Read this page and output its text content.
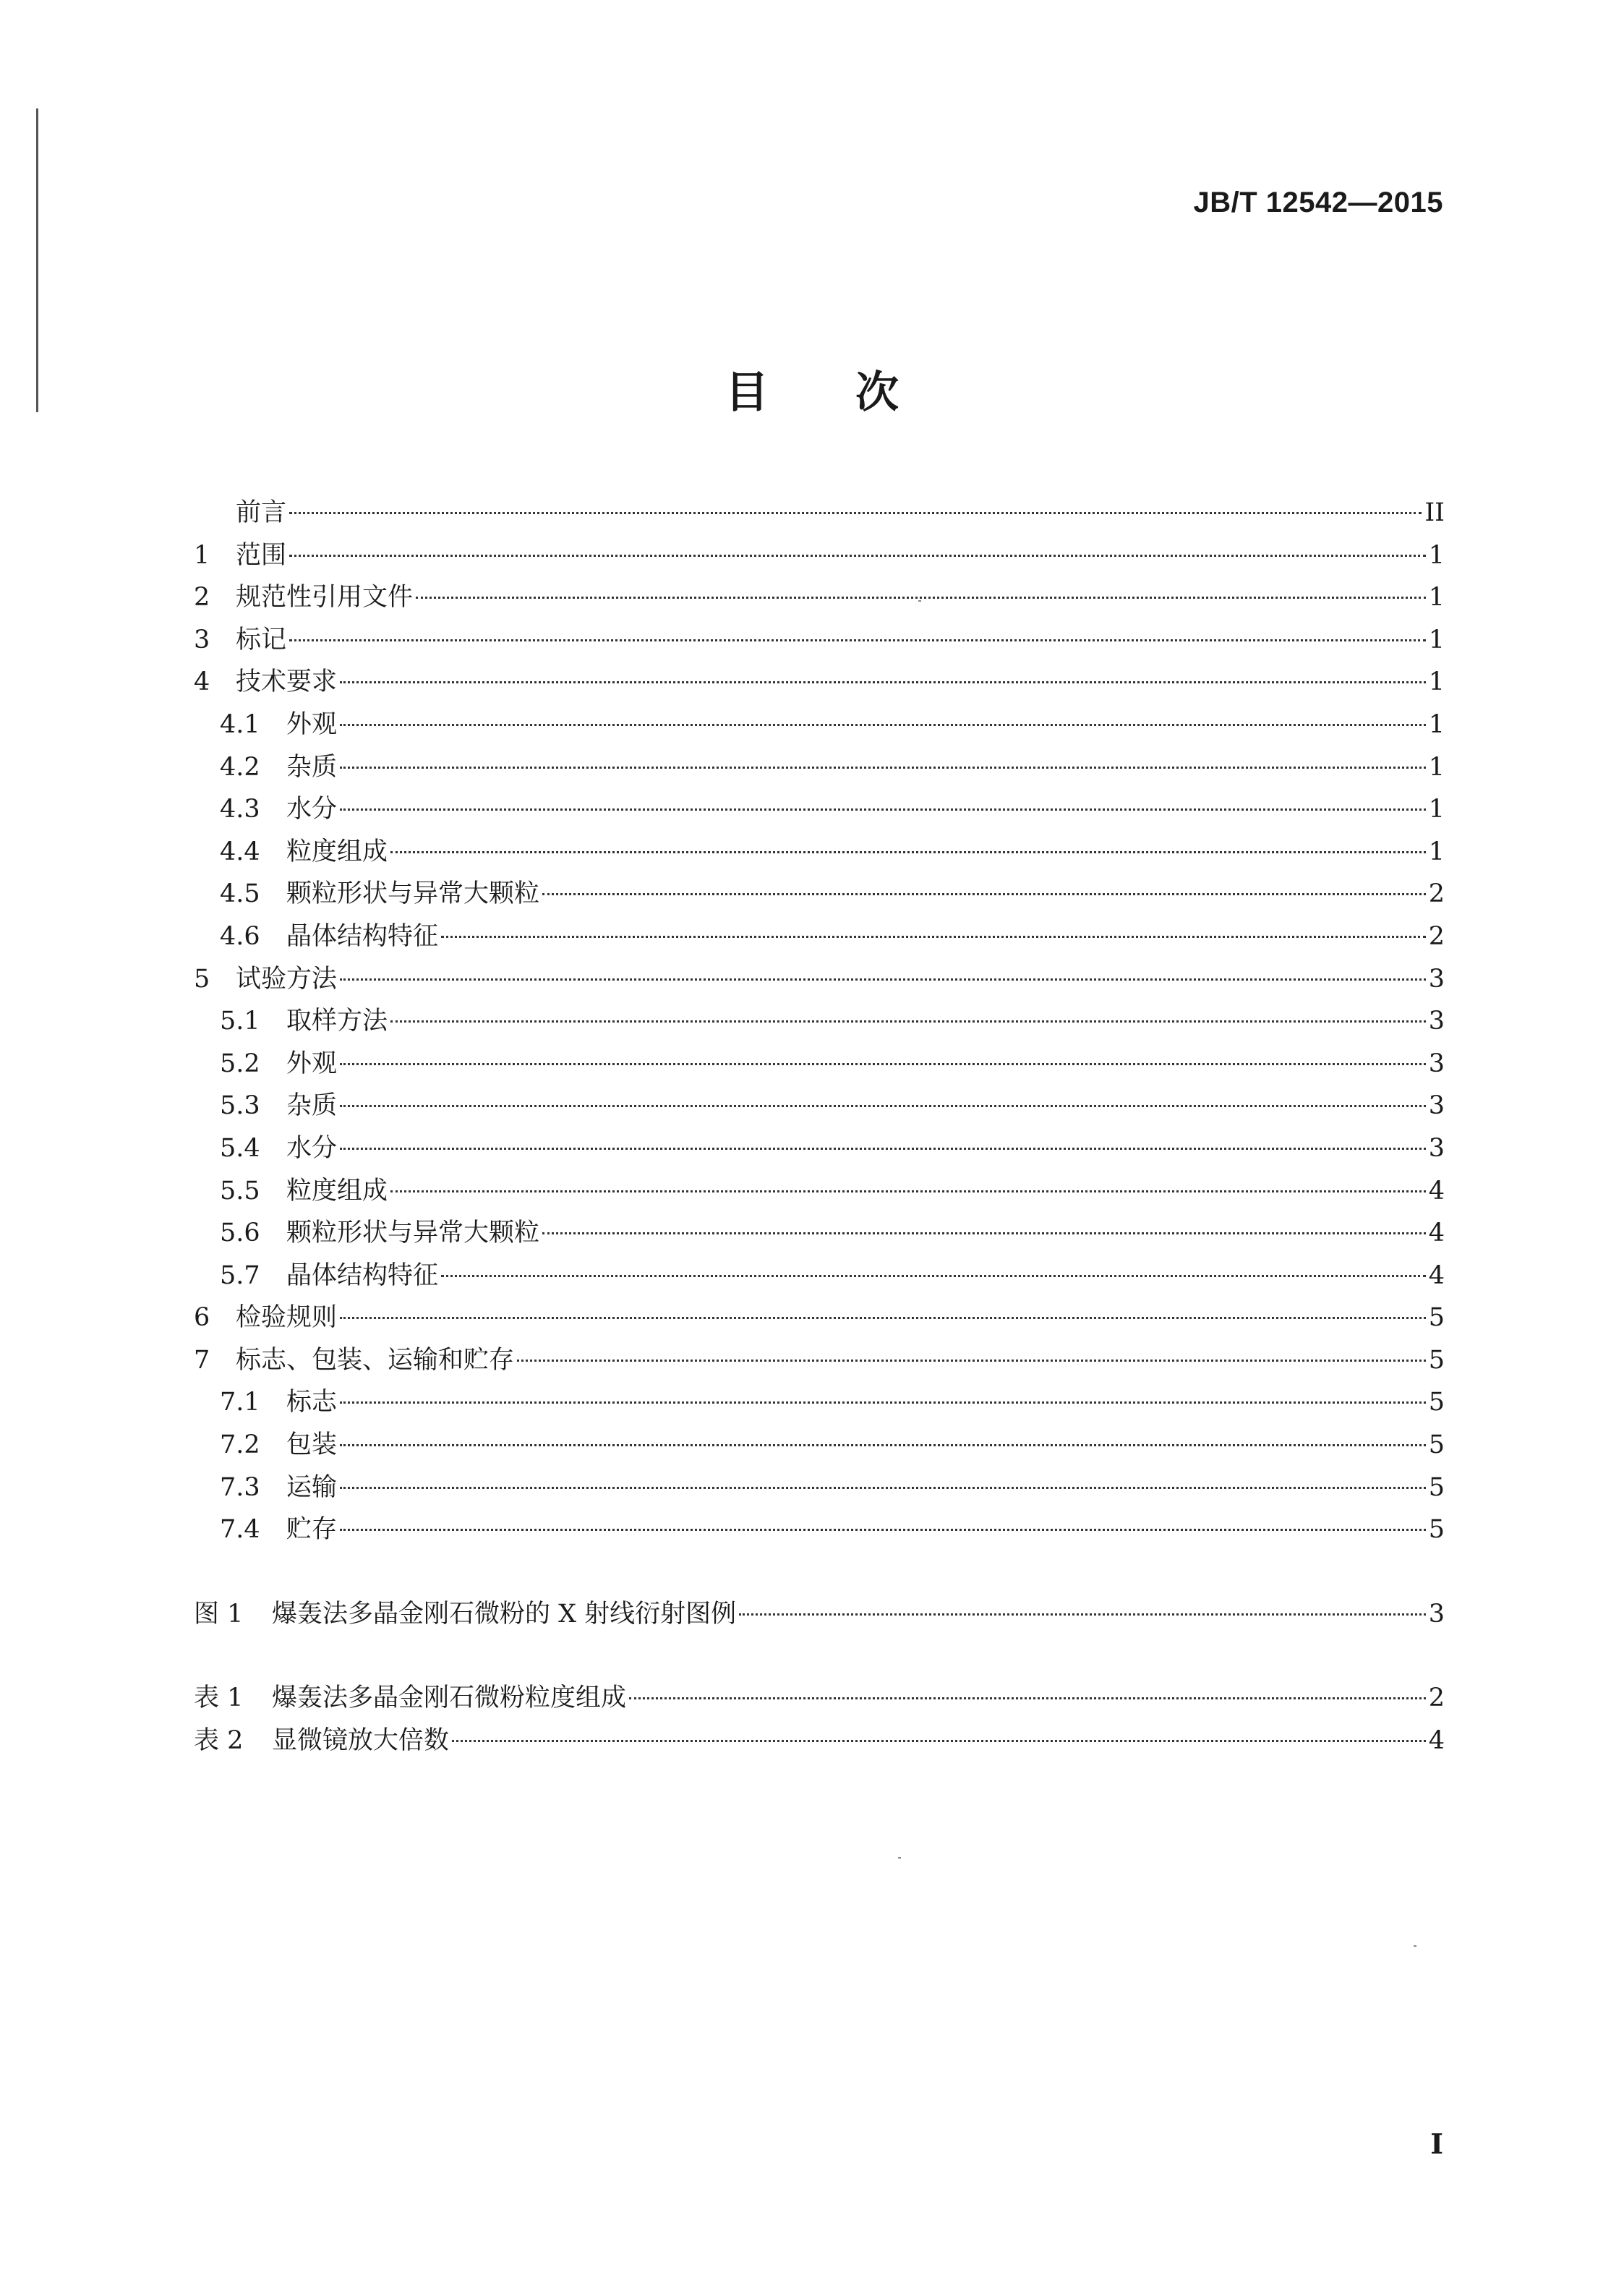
JB/T 12542—2015
目　　次
前言	II
1	范围	1
2	规范性引用文件	1
3	标记	1
4	技术要求	1
4.1	外观	1
4.2	杂质	1
4.3	水分	1
4.4	粒度组成	1
4.5	颗粒形状与异常大颗粒	2
4.6	晶体结构特征	2
5	试验方法	3
5.1	取样方法	3
5.2	外观	3
5.3	杂质	3
5.4	水分	3
5.5	粒度组成	4
5.6	颗粒形状与异常大颗粒	4
5.7	晶体结构特征	4
6	检验规则	5
7	标志、包装、运输和贮存	5
7.1	标志	5
7.2	包装	5
7.3	运输	5
7.4	贮存	5
图 1	爆轰法多晶金刚石微粉的 X 射线衍射图例	3
表 1	爆轰法多晶金刚石微粉粒度组成	2
表 2	显微镜放大倍数	4
I
